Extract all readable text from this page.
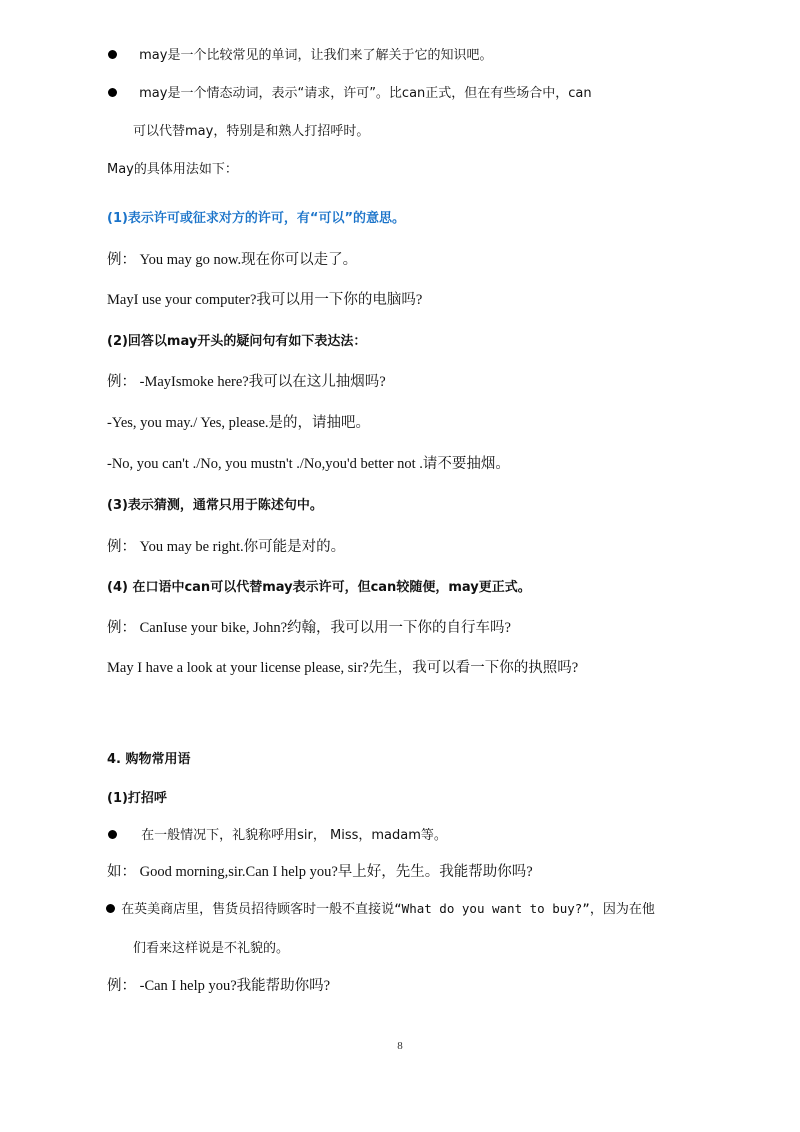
may是一个比较常见的单词，让我们来了解关于它的知识吧。
may是一个情态动词，表示“请求，许可”。比can正式，但在有些场合中，can
可以代替may，特别是和熟人打招呼时。
May的具体用法如下：
(1)表示许可或征求对方的许可，有“可以”的意思。
例： You may go now.现在你可以走了。
MayI use your computer?我可以用一下你的电脑吗?
(2)回答以may开头的疑问句有如下表达法：
例： -MayIsmoke here?我可以在这儿抽烟吗?
-Yes, you may./ Yes, please.是的，请抽吧。
-No, you can't ./No, you mustn't ./No,you'd better not .请不要抽烟。
(3)表示猜测，通常只用于陈述句中。
例： You may be right.你可能是对的。
(4) 在口语中can可以代替may表示许可，但can较随便，may更正式。
例： CanIuse your bike, John?约翰，我可以用一下你的自行车吗?
May I have a look at your license please, sir?先生，我可以看一下你的执照吗?
4. 购物常用语
(1)打招呼
在一般情况下，礼貌称呼用sir， Miss，madam等。
如： Good morning,sir.Can I help you?早上好，先生。我能帮助你吗?
在英美商店里，售货员招待顾客时一般不直接说“What do you want to buy?”，因为在他
们看来这样说是不礼貌的。
例： -Can I help you?我能帮助你吗?
8
